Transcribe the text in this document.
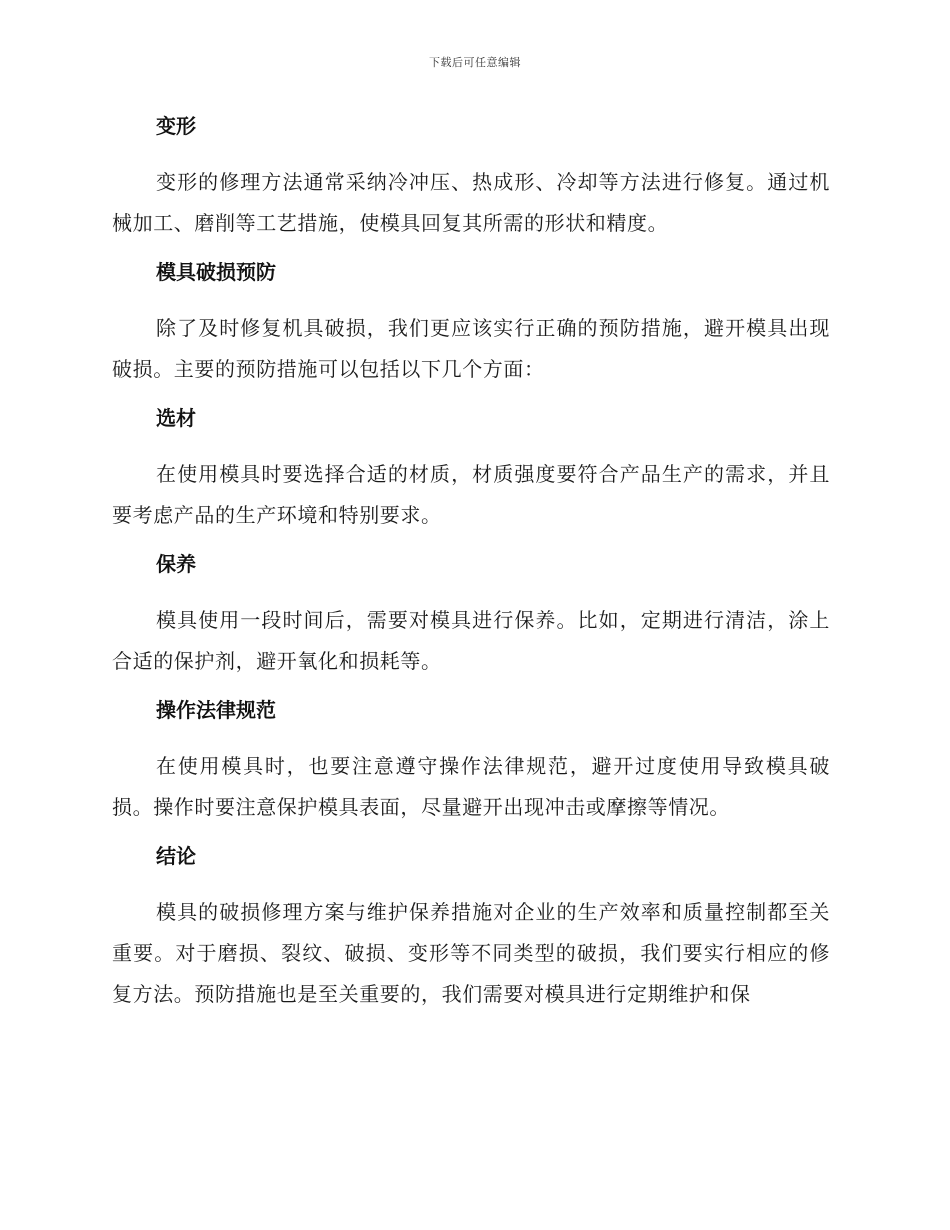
下载后可任意编辑
变形

变形的修理方法通常采纳冷冲压、热成形、冷却等方法进行修复。通过机械加工、磨削等工艺措施，使模具回复其所需的形状和精度。

模具破损预防

除了及时修复机具破损，我们更应该实行正确的预防措施，避开模具出现破损。主要的预防措施可以包括以下几个方面：

选材

在使用模具时要选择合适的材质，材质强度要符合产品生产的需求，并且要考虑产品的生产环境和特别要求。

保养

模具使用一段时间后，需要对模具进行保养。比如，定期进行清洁，涂上合适的保护剂，避开氧化和损耗等。

操作法律规范

在使用模具时，也要注意遵守操作法律规范，避开过度使用导致模具破损。操作时要注意保护模具表面，尽量避开出现冲击或摩擦等情况。

结论

模具的破损修理方案与维护保养措施对企业的生产效率和质量控制都至关重要。对于磨损、裂纹、破损、变形等不同类型的破损，我们要实行相应的修复方法。预防措施也是至关重要的，我们需要对模具进行定期维护和保
